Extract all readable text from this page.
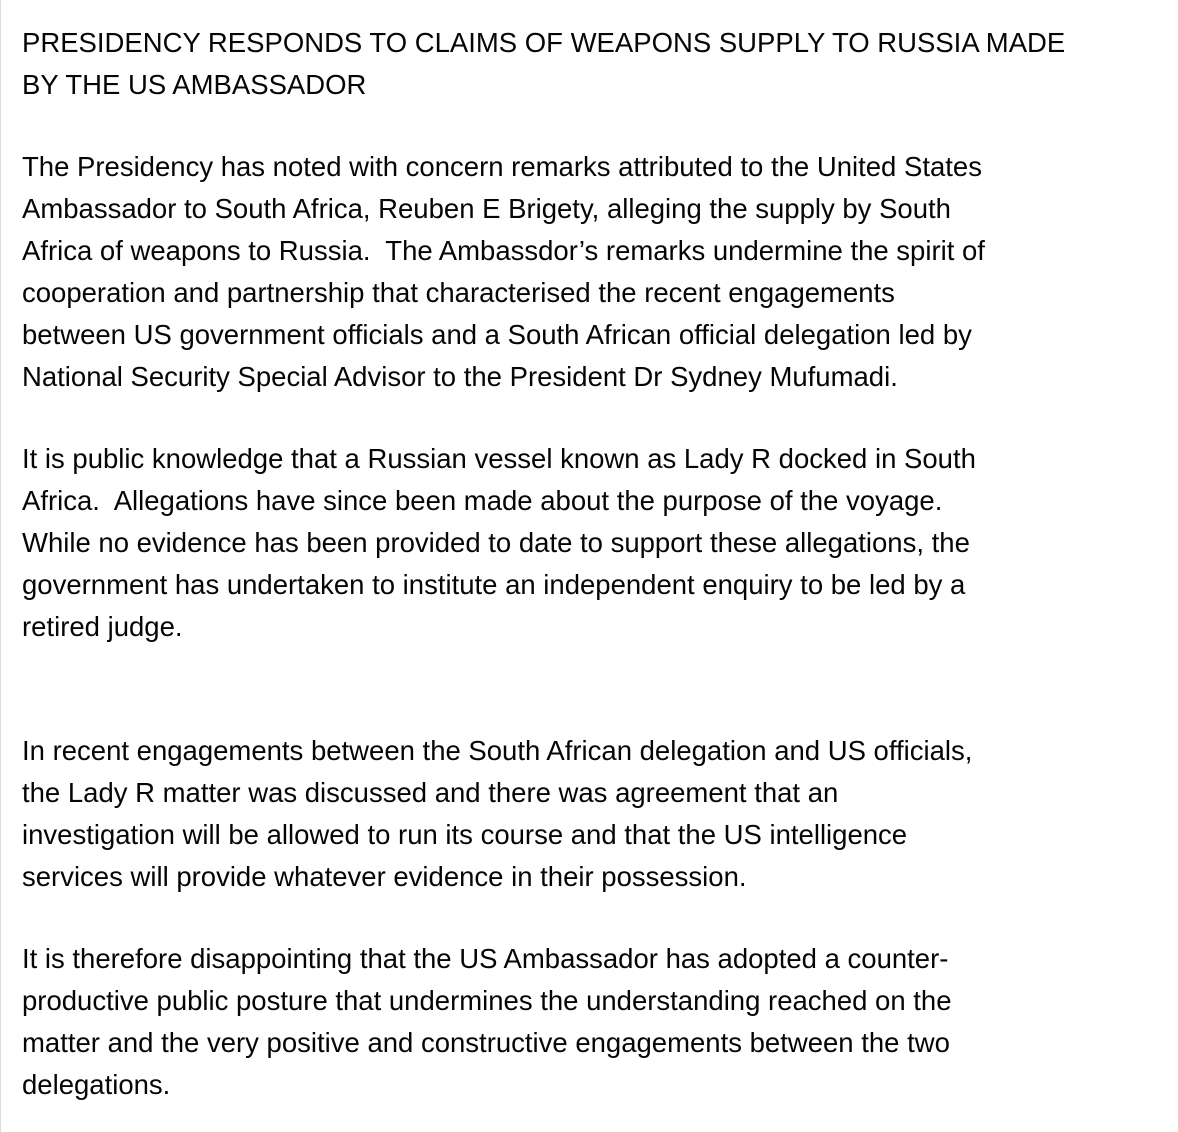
PRESIDENCY RESPONDS TO CLAIMS OF WEAPONS SUPPLY TO RUSSIA MADE
BY THE US AMBASSADOR
The Presidency has noted with concern remarks attributed to the United States
Ambassador to South Africa, Reuben E Brigety, alleging the supply by South
Africa of weapons to Russia.  The Ambassdor’s remarks undermine the spirit of
cooperation and partnership that characterised the recent engagements
between US government officials and a South African official delegation led by
National Security Special Advisor to the President Dr Sydney Mufumadi.
It is public knowledge that a Russian vessel known as Lady R docked in South
Africa.  Allegations have since been made about the purpose of the voyage.
While no evidence has been provided to date to support these allegations, the
government has undertaken to institute an independent enquiry to be led by a
retired judge.
In recent engagements between the South African delegation and US officials,
the Lady R matter was discussed and there was agreement that an
investigation will be allowed to run its course and that the US intelligence
services will provide whatever evidence in their possession.
It is therefore disappointing that the US Ambassador has adopted a counter-
productive public posture that undermines the understanding reached on the
matter and the very positive and constructive engagements between the two
delegations.
